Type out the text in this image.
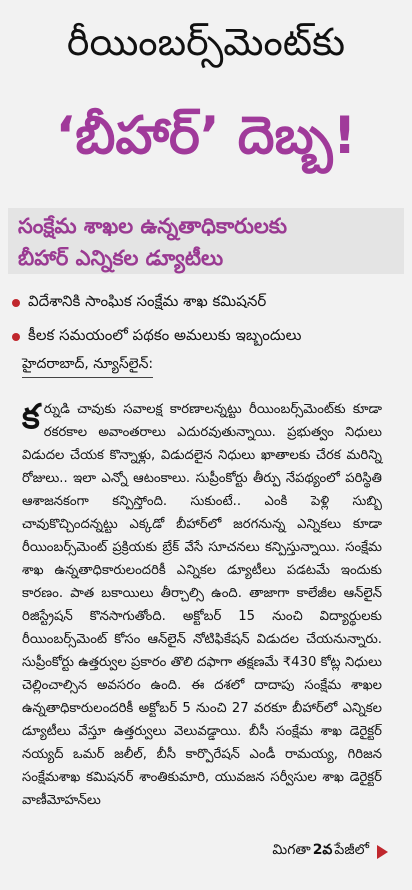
రీయింబర్స్‌మెంట్‌కు
‘బీహార్’ దెబ్బ!
సంక్షేమ శాఖల ఉన్నతాధికారులకు
బీహార్ ఎన్నికల డ్యూటీలు
విదేశానికి సాంఘిక సంక్షేమ శాఖ కమిషనర్
కీలక సమయంలో పథకం అమలుకు ఇబ్బందులు
హైదరాబాద్, న్యూస్‌లైన్:
కర్నుడి చావుకు సవాలక్ష కారణాలన్నట్టు రీయింబర్స్‌మెంట్‌కు కూడా రకరకాల అవాంతరాలు ఎదురవుతున్నాయి. ప్రభుత్వం నిధులు విడుదల చేయక కొన్నాళ్లు, విడుదలైన నిధులు ఖాతాలకు చేరక మరిన్ని రోజులు.. ఇలా ఎన్నో ఆటంకాలు. సుప్రీంకోర్టు తీర్పు నేపథ్యంలో పరిస్థితి ఆశాజనకంగా కన్పిస్తోంది. సుకుంటే.. ఎంకి పెళ్లి సుబ్బి చావుకొచ్చిందన్నట్టు ఎక్కడో బీహార్‌లో జరగనున్న ఎన్నికలు కూడా రీయింబర్స్‌మెంట్ ప్రక్రియకు బ్రేక్ వేసే సూచనలు కన్పిస్తున్నాయి. సంక్షేమ శాఖ ఉన్నతాధికారులందరికీ ఎన్నికల డ్యూటీలు పడటమే ఇందుకు కారణం. పాత బకాయిలు తీర్చాల్సి ఉంది. తాజాగా కాలేజీల ఆన్‌లైన్ రిజిస్ట్రేషన్ కొనసాగుతోంది. అక్టోబర్ 15 నుంచి విద్యార్థులకు రీయింబర్స్‌మెంట్ కోసం ఆన్‌లైన్ నోటిఫికేషన్ విడుదల చేయనున్నారు. సుప్రీంకోర్టు ఉత్తర్వుల ప్రకారం తొలి దఫాగా తక్షణమే ₹430 కోట్ల నిధులు చెల్లించాల్సిన అవసరం ఉంది. ఈ దశలో దాదాపు సంక్షేమ శాఖల ఉన్నతాధికారులందరికీ అక్టోబర్ 5 నుంచి 27 వరకూ బీహార్‌లో ఎన్నికల డ్యూటీలు వేస్తూ ఉత్తర్వులు వెలువడ్డాయి. బీసీ సంక్షేమ శాఖ డెరైక్టర్ నయ్యద్ ఒమర్ జలీల్, బీసీ కార్పొరేషన్ ఎండీ రామయ్య, గిరిజన సంక్షేమశాఖ కమిషనర్ శాంతికుమారి, యువజన సర్వీసుల శాఖ డెరైక్టర్ వాణీమోహన్‌లు
మిగతా 2వ పేజీలో
